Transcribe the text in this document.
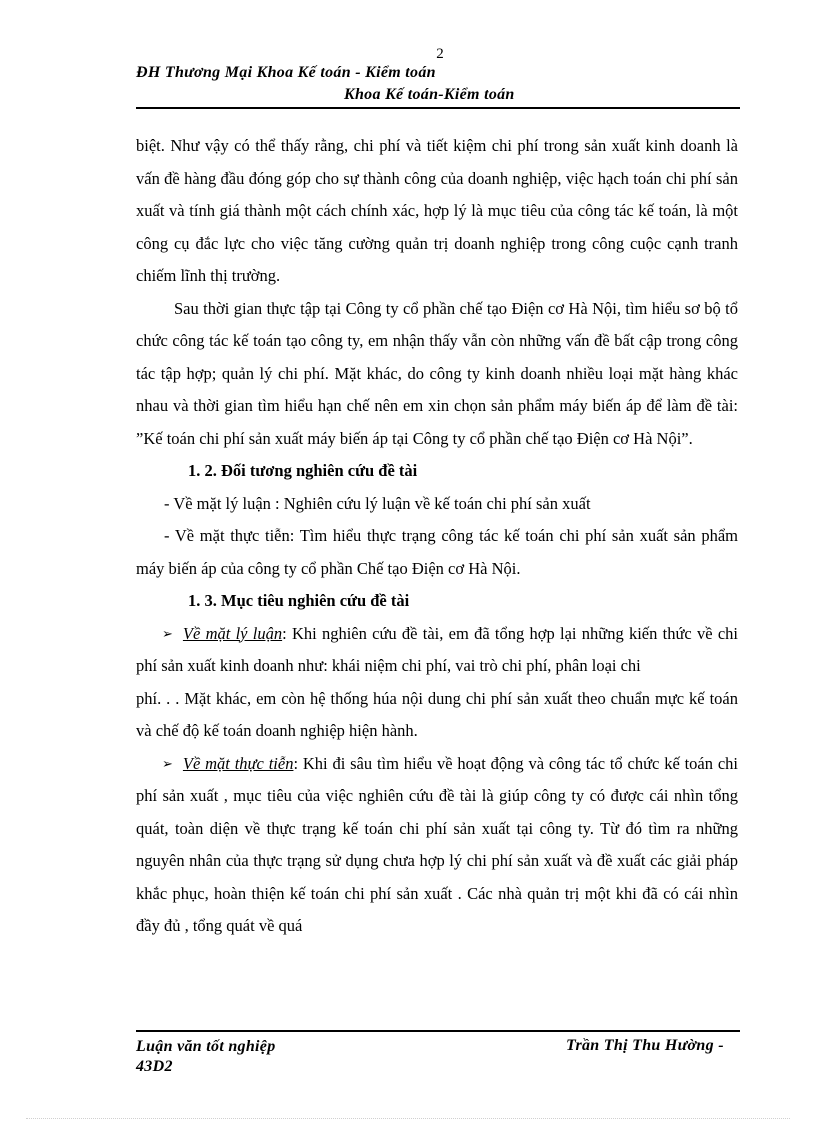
2
ĐH Thương Mại Khoa Kế toán - Kiểm toán
Khoa Kế toán-Kiểm toán

biệt. Như vậy có thể thấy rằng, chi phí và tiết kiệm chi phí trong sản xuất kinh doanh là vấn đề hàng đầu đóng góp cho sự thành công của doanh nghiệp, việc hạch toán chi phí sản xuất và tính giá thành một cách chính xác, hợp lý là mục tiêu của công tác kế toán, là một công cụ đắc lực cho việc tăng cường quản trị doanh nghiệp trong công cuộc cạnh tranh chiếm lĩnh thị trường.

Sau thời gian thực tập tại Công ty cổ phần chế tạo Điện cơ Hà Nội, tìm hiểu sơ bộ tổ chức công tác kế toán tạo công ty, em nhận thấy vẫn còn những vấn đề bất cập trong công tác tập hợp; quản lý chi phí. Mặt khác, do công ty kinh doanh nhiều loại mặt hàng khác nhau và thời gian tìm hiểu hạn chế nên em xin chọn sản phẩm máy biến áp để làm đề tài: ”Kế toán chi phí sản xuất máy biến áp tại Công ty cổ phần chế tạo Điện cơ Hà Nội”.

1. 2. Đối tương nghiên cứu đề tài

- Về mặt lý luận : Nghiên cứu lý luận về kế toán chi phí sản xuất

- Về mặt thực tiễn: Tìm hiểu thực trạng công tác kế toán chi phí sản xuất sản phẩm máy biến áp của công ty cổ phần Chế tạo Điện cơ Hà Nội.

1. 3. Mục tiêu nghiên cứu đề tài

➢ Về mặt lý luận: Khi nghiên cứu đề tài, em đã tổng hợp lại những kiến thức về chi phí sản xuất kinh doanh như: khái niệm chi phí, vai trò chi phí, phân loại chi

phí. . . Mặt khác, em còn hệ thống húa nội dung chi phí sản xuất theo chuẩn mực kế toán và chế độ kế toán doanh nghiệp hiện hành.

➢ Về mặt thực tiễn: Khi đi sâu tìm hiểu về hoạt động và công tác tổ chức kế toán chi phí sản xuất , mục tiêu của việc nghiên cứu đề tài là giúp công ty có được cái nhìn tổng quát, toàn diện về thực trạng kế toán chi phí sản xuất tại công ty. Từ đó tìm ra những nguyên nhân của thực trạng sử dụng chưa hợp lý chi phí sản xuất và đề xuất các giải pháp khắc phục, hoàn thiện kế toán chi phí sản xuất . Các nhà quản trị một khi đã có cái nhìn đầy đủ , tổng quát về quá

Luận văn tốt nghiệp
43D2
Trần Thị Thu Hường -
